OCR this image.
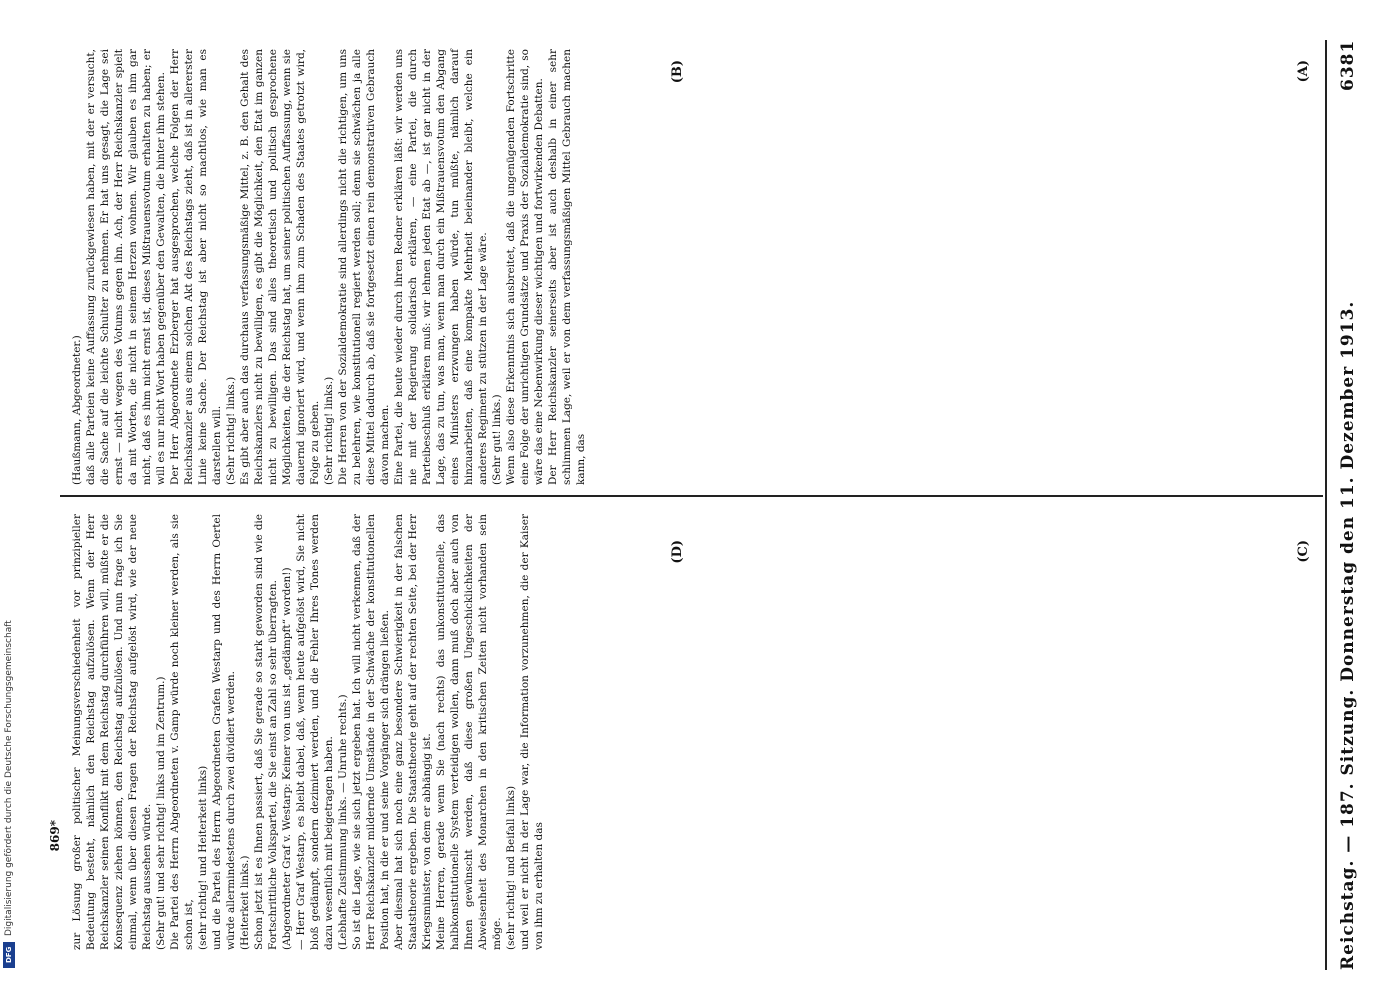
Reichstag. — 187. Sitzung. Donnerstag den 11. Dezember 1913.
6381
(A)
(B)
(C)
(D)

(Haußmann, Abgeordneter.) daß alle Parteien keine Auffassung zurückgewiesen haben, mit der er versucht, die Sache auf die leichte Schulter zu nehmen. Er hat uns gesagt, die Lage sei ernst — nicht wegen des Votums gegen ihn. Ach, der Herr Reichskanzler spielt da mit Worten, die nicht in seinem Herzen wohnen. Wir glauben es ihm gar nicht, daß es ihm nicht ernst ist, dieses Mißtrauensvotum erhalten zu haben; er will es nur nicht Wort haben gegenüber den Gewalten, die hinter ihm stehen. Der Herr Abgeordnete Erzberger hat ausgesprochen, welche Folgen der Herr Reichskanzler aus einem solchen Akt des Reichstags zieht, daß ist in allererster Linie keine Sache. Der Reichstag ist aber nicht so machtlos, wie man es darstellen will. (Sehr richtig! links.) Es gibt aber auch das durchaus verfassungsmäßige Mittel, z. B. den Gehalt des Reichskanzlers nicht zu bewilligen, es gibt die Möglichkeit, den Etat im ganzen nicht zu bewilligen. Das sind alles theoretisch und politisch gesprochene Möglichkeiten, die der Reichstag hat, um seiner politischen Auffassung, wenn sie dauernd ignoriert wird, und wenn ihm zum Schaden des Staates getrotzt wird, Folge zu geben. (Sehr richtig! links.) Die Herren von der Sozialdemokratie sind allerdings nicht die richtigen, um uns zu belehren, wie konstitutionell regiert werden soll; denn sie schwächen ja alle diese Mittel dadurch ab, daß sie fortgesetzt einen rein demonstrativen Gebrauch davon machen. Eine Partei, die heute wieder durch ihren Redner erklären läßt: wir werden uns nie mit der Regierung solidarisch erklären, — eine Partei, die durch Parteibeschluß erklären muß: wir lehnen jeden Etat ab —, ist gar nicht in der Lage, das zu tun, was man, wenn man durch ein Mißtrauensvotum den Abgang eines Ministers erzwungen haben würde, tun müßte, nämlich darauf hinzuarbeiten, daß eine kompakte Mehrheit beieinander bleibt, welche ein anderes Regiment zu stützen in der Lage wäre. (Sehr gut! links.) Wenn also diese Erkenntnis sich ausbreitet, daß die ungenügenden Fortschritte eine Folge der unrichtigen Grundsätze und Praxis der Sozialdemokratie sind, so wäre das eine Nebenwirkung dieser wichtigen und fortwirkenden Debatten. Der Herr Reichskanzler seinerseits aber ist auch deshalb in einer sehr schlimmen Lage, weil er von dem verfassungsmäßigen Mittel Gebrauch machen kann, das

zur Lösung großer politischer Meinungsverschiedenheit vor prinzipieller Bedeutung besteht, nämlich den Reichstag aufzulösen. Wenn der Herr Reichskanzler seinen Konflikt mit dem Reichstag durchführen will, müßte er die Konsequenz ziehen können, den Reichstag aufzulösen. Und nun frage ich Sie einmal, wenn über diesen Fragen der Reichstag aufgelöst wird, wie der neue Reichstag aussehen würde. (Sehr gut! und sehr richtig! links und im Zentrum.) Die Partei des Herrn Abgeordneten v. Gamp würde noch kleiner werden, als sie schon ist, (sehr richtig! und Heiterkeit links) und die Partei des Herrn Abgeordneten Grafen Westarp und des Herrn Oertel würde allermindestens durch zwei dividiert werden. (Heiterkeit links.) Schon jetzt ist es Ihnen passiert, daß Sie gerade so stark geworden sind wie die Fortschrittliche Volkspartei, die Sie einst an Zahl so sehr überragten. (Abgeordneter Graf v. Westarp: Keiner von uns ist „gedämpft“ worden!) — Herr Graf Westarp, es bleibt dabei, daß, wenn heute aufgelöst wird, Sie nicht bloß gedämpft, sondern dezimiert werden, und die Fehler Ihres Tones werden dazu wesentlich mit beigetragen haben. (Lebhafte Zustimmung links. — Unruhe rechts.) So ist die Lage, wie sie sich jetzt ergeben hat. Ich will nicht verkennen, daß der Herr Reichskanzler mildernde Umstände in der Schwäche der konstitutionellen Position hat, in die er und seine Vorgänger sich drängen ließen. Aber diesmal hat sich noch eine ganz besondere Schwierigkeit in der falschen Staatstheorie ergeben. Die Staatstheorie geht auf der rechten Seite, bei der Herr Kriegsminister, von dem er abhängig ist. Meine Herren, gerade wenn Sie (nach rechts) das unkonstitutionelle, das halbkonstitutionelle System verteidigen wollen, dann muß doch aber auch von Ihnen gewünscht werden, daß diese großen Ungeschicklichkeiten der Abweisenheit des Monarchen in den kritischen Zeiten nicht vorhanden sein möge. (sehr richtig! und Beifall links) und weil er nicht in der Lage war, die Information vorzunehmen, die der Kaiser von ihm zu erhalten das

869*
DFG
Digitalisierung gefördert durch die Deutsche Forschungsgemeinschaft
